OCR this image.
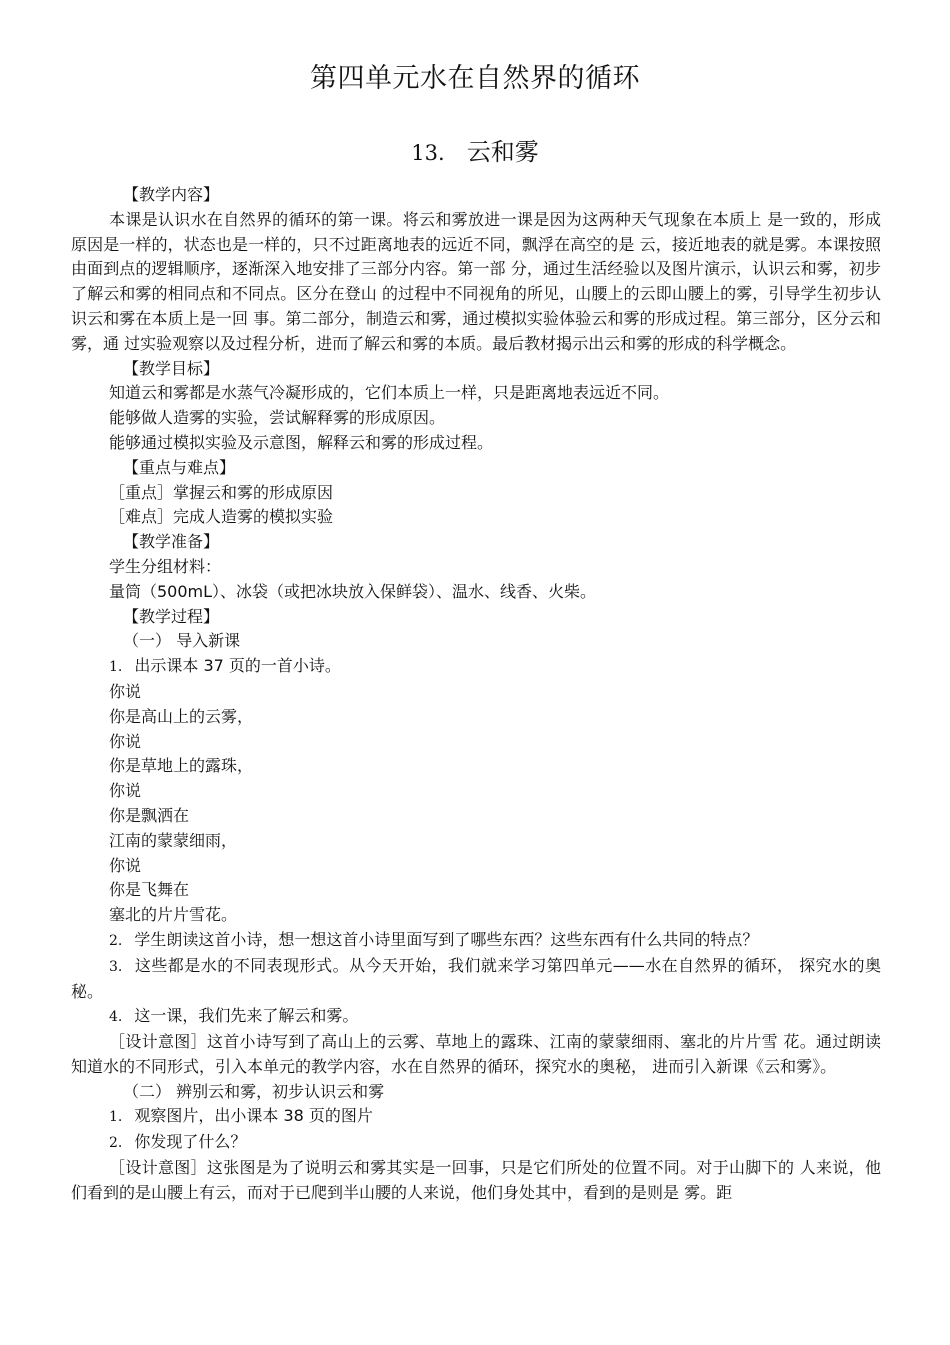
第四单元水在自然界的循环
13. 云和雾

【教学内容】

本课是认识水在自然界的循环的第一课。将云和雾放进一课是因为这两种天气现象在本质上 是一致的，形成原因是一样的，状态也是一样的，只不过距离地表的远近不同，飘浮在高空的是 云，接近地表的就是雾。本课按照由面到点的逻辑顺序，逐渐深入地安排了三部分内容。第一部 分，通过生活经验以及图片演示，认识云和雾，初步了解云和雾的相同点和不同点。区分在登山 的过程中不同视角的所见，山腰上的云即山腰上的雾，引导学生初步认识云和雾在本质上是一回 事。第二部分，制造云和雾，通过模拟实验体验云和雾的形成过程。第三部分，区分云和雾，通 过实验观察以及过程分析，进而了解云和雾的本质。最后教材揭示出云和雾的形成的科学概念。

【教学目标】

知道云和雾都是水蒸气冷凝形成的，它们本质上一样，只是距离地表远近不同。

能够做人造雾的实验，尝试解释雾的形成原因。

能够通过模拟实验及示意图，解释云和雾的形成过程。

【重点与难点】

［重点］掌握云和雾的形成原因

［难点］完成人造雾的模拟实验

【教学准备】

学生分组材料：

量筒（500mL）、冰袋（或把冰块放入保鲜袋）、温水、线香、火柴。

【教学过程】

（一） 导入新课

1. 出示课本 37 页的一首小诗。

你说

你是高山上的云雾，

你说

你是草地上的露珠，

你说

你是飘洒在

江南的蒙蒙细雨，

你说

你是飞舞在

塞北的片片雪花。

2. 学生朗读这首小诗，想一想这首小诗里面写到了哪些东西？这些东西有什么共同的特点？

3. 这些都是水的不同表现形式。从今天开始，我们就来学习第四单元——水在自然界的循环， 探究水的奥秘。

4. 这一课，我们先来了解云和雾。

［设计意图］这首小诗写到了高山上的云雾、草地上的露珠、江南的蒙蒙细雨、塞北的片片雪 花。通过朗读知道水的不同形式，引入本单元的教学内容，水在自然界的循环，探究水的奥秘， 进而引入新课《云和雾》。

（二） 辨别云和雾，初步认识云和雾

1. 观察图片，出小课本 38 页的图片

2. 你发现了什么？

［设计意图］这张图是为了说明云和雾其实是一回事，只是它们所处的位置不同。对于山脚下的 人来说，他们看到的是山腰上有云，而对于已爬到半山腰的人来说，他们身处其中，看到的是则是 雾。距
